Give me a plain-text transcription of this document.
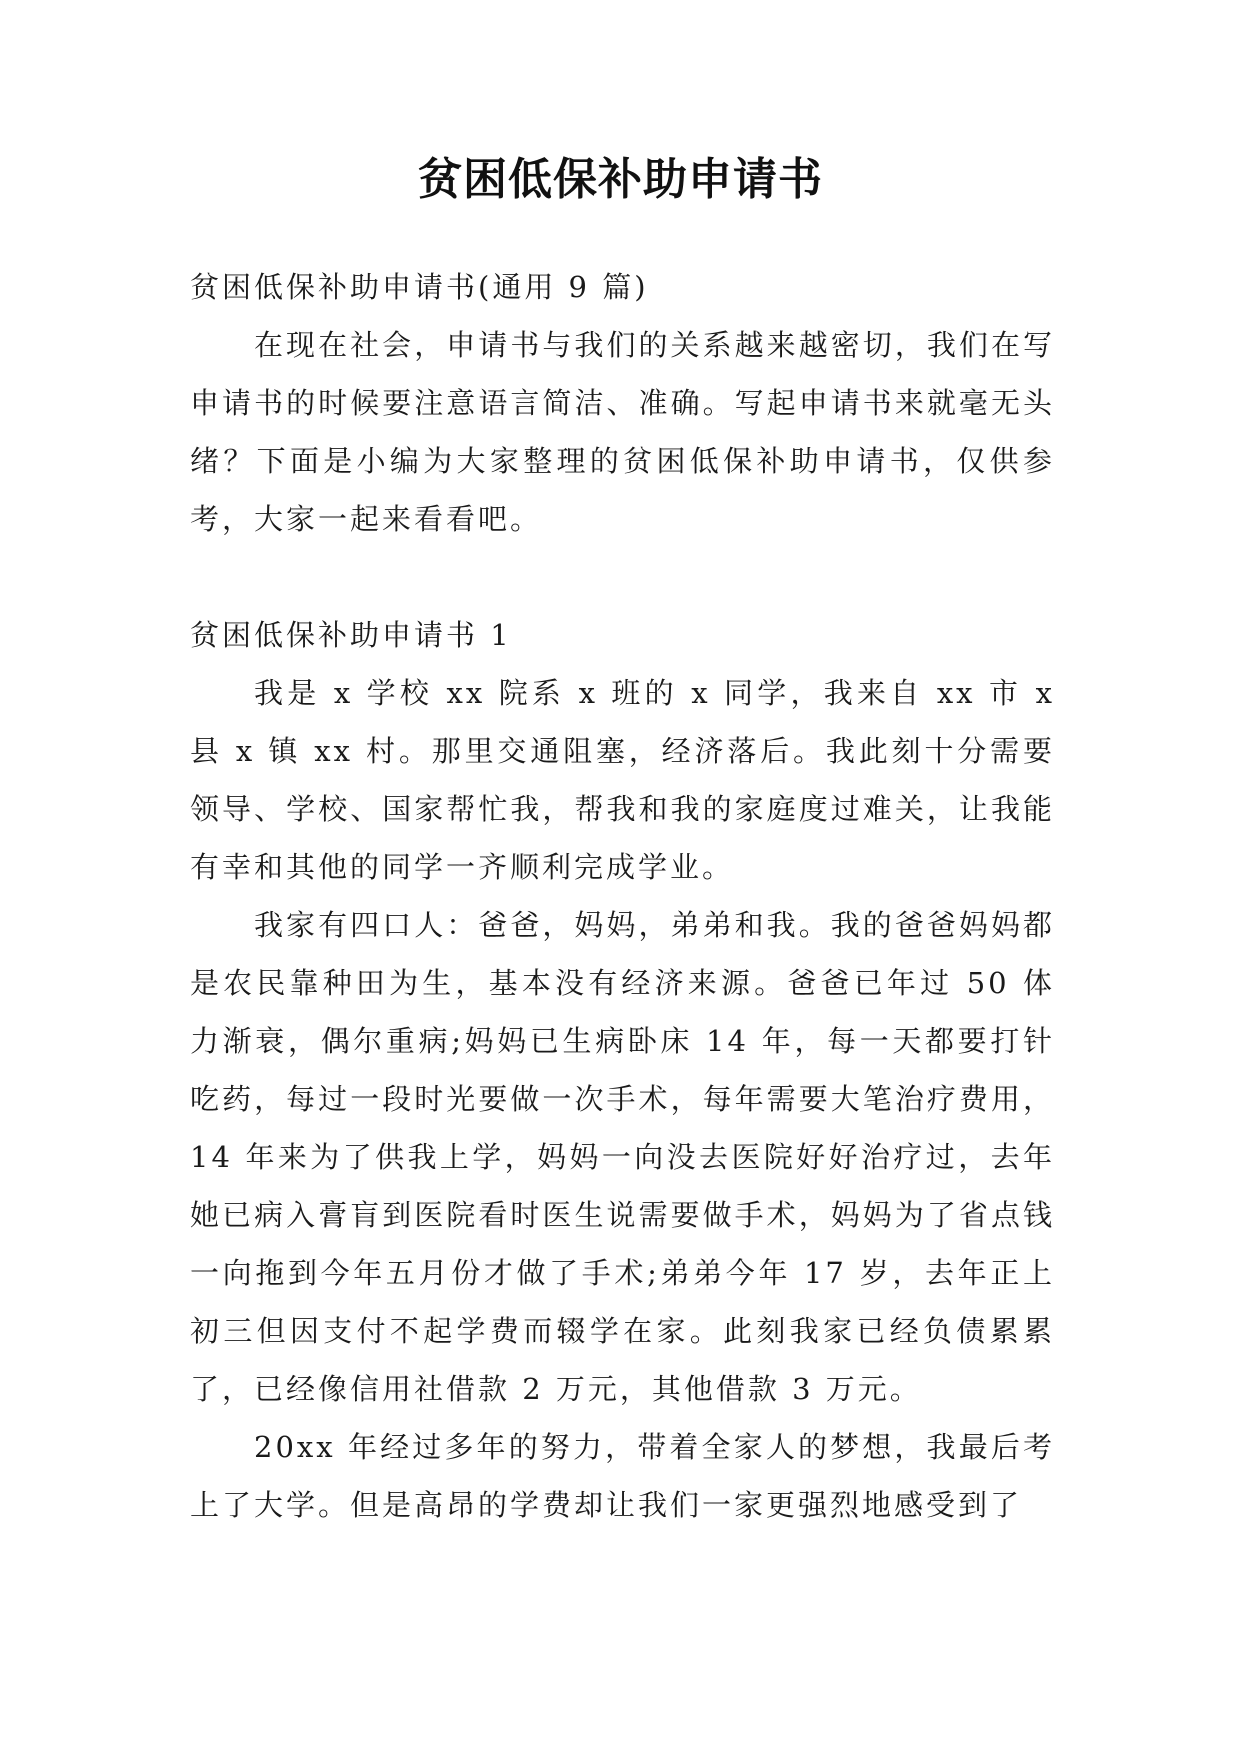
贫困低保补助申请书

贫困低保补助申请书(通用 9 篇)

在现在社会，申请书与我们的关系越来越密切，我们在写申请书的时候要注意语言简洁、准确。写起申请书来就毫无头绪？下面是小编为大家整理的贫困低保补助申请书，仅供参考，大家一起来看看吧。

贫困低保补助申请书 1

我是 x 学校 xx 院系 x 班的 x 同学，我来自 xx 市 x 县 x 镇 xx 村。那里交通阻塞，经济落后。我此刻十分需要领导、学校、国家帮忙我，帮我和我的家庭度过难关，让我能有幸和其他的同学一齐顺利完成学业。

我家有四口人：爸爸，妈妈，弟弟和我。我的爸爸妈妈都是农民靠种田为生，基本没有经济来源。爸爸已年过 50 体力渐衰，偶尔重病;妈妈已生病卧床 14 年，每一天都要打针吃药，每过一段时光要做一次手术，每年需要大笔治疗费用，14 年来为了供我上学，妈妈一向没去医院好好治疗过，去年她已病入膏肓到医院看时医生说需要做手术，妈妈为了省点钱一向拖到今年五月份才做了手术;弟弟今年 17 岁，去年正上初三但因支付不起学费而辍学在家。此刻我家已经负债累累了，已经像信用社借款 2 万元，其他借款 3 万元。

20xx 年经过多年的努力，带着全家人的梦想，我最后考上了大学。但是高昂的学费却让我们一家更强烈地感受到了
